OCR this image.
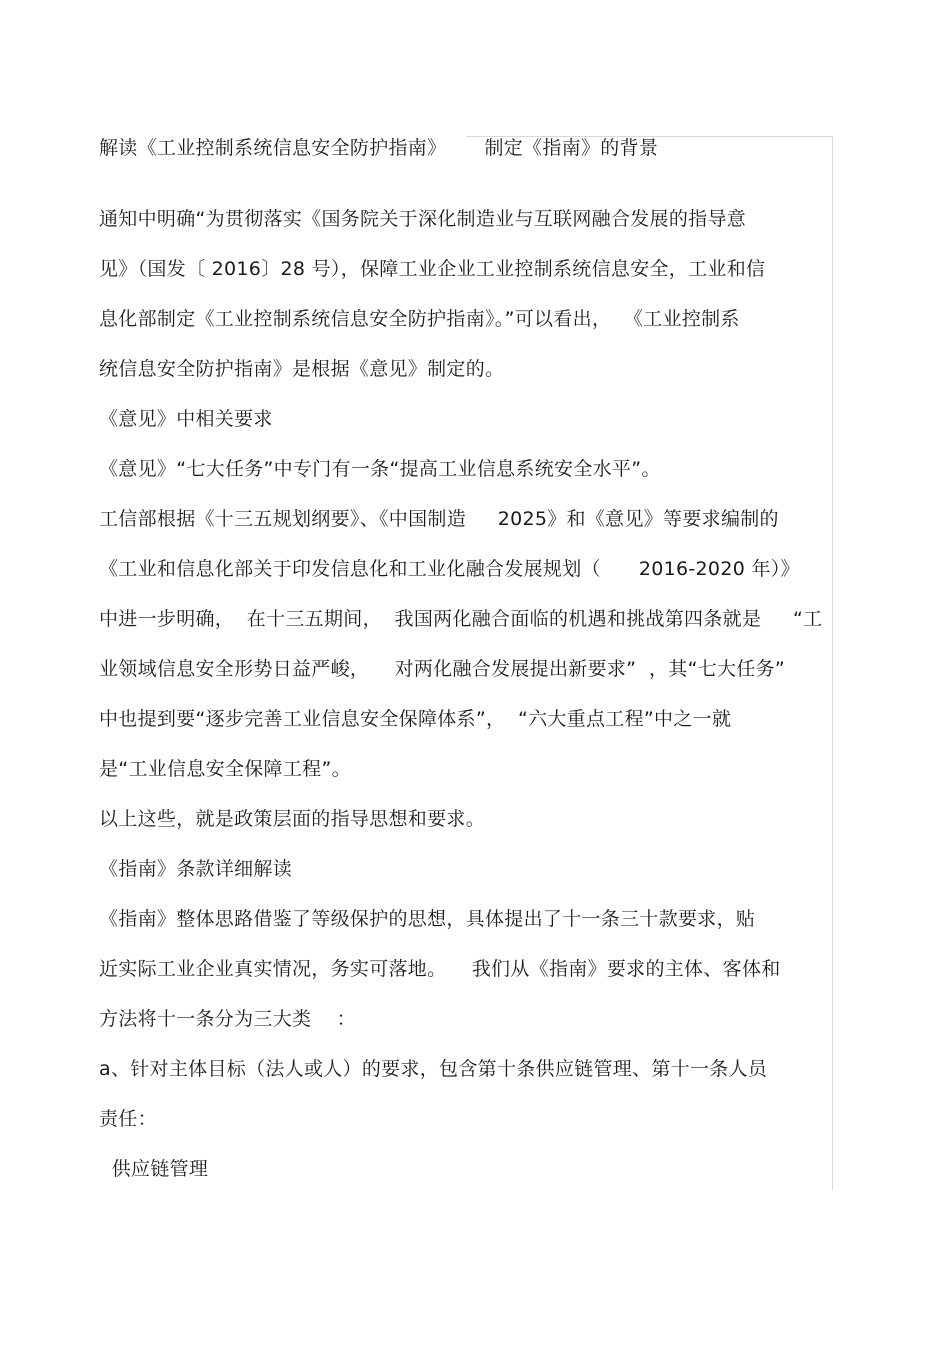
解读《工业控制系统信息安全防护指南》      制定《指南》的背景
通知中明确“为贯彻落实《国务院关于深化制造业与互联网融合发展的指导意
见》（国发〔 2016〕28 号），保障工业企业工业控制系统信息安全，工业和信
息化部制定《工业控制系统信息安全防护指南》。”可以看出，  《工业控制系
统信息安全防护指南》是根据《意见》制定的。
《意见》中相关要求
《意见》“七大任务”中专门有一条“提高工业信息系统安全水平”。
工信部根据《十三五规划纲要》、《中国制造     2025》和《意见》等要求编制的
《工业和信息化部关于印发信息化和工业化融合发展规划（      2016-2020 年）》
中进一步明确，  在十三五期间，  我国两化融合面临的机遇和挑战第四条就是     “工
业领域信息安全形势日益严峻，    对两化融合发展提出新要求”  ，其“七大任务”
中也提到要“逐步完善工业信息安全保障体系”，  “六大重点工程”中之一就
是“工业信息安全保障工程”。
以上这些，就是政策层面的指导思想和要求。
《指南》条款详细解读
《指南》整体思路借鉴了等级保护的思想，具体提出了十一条三十款要求，贴
近实际工业企业真实情况，务实可落地。    我们从《指南》要求的主体、客体和
方法将十一条分为三大类    ：
a、针对主体目标（法人或人）的要求，包含第十条供应链管理、第十一条人员
责任：
供应链管理
